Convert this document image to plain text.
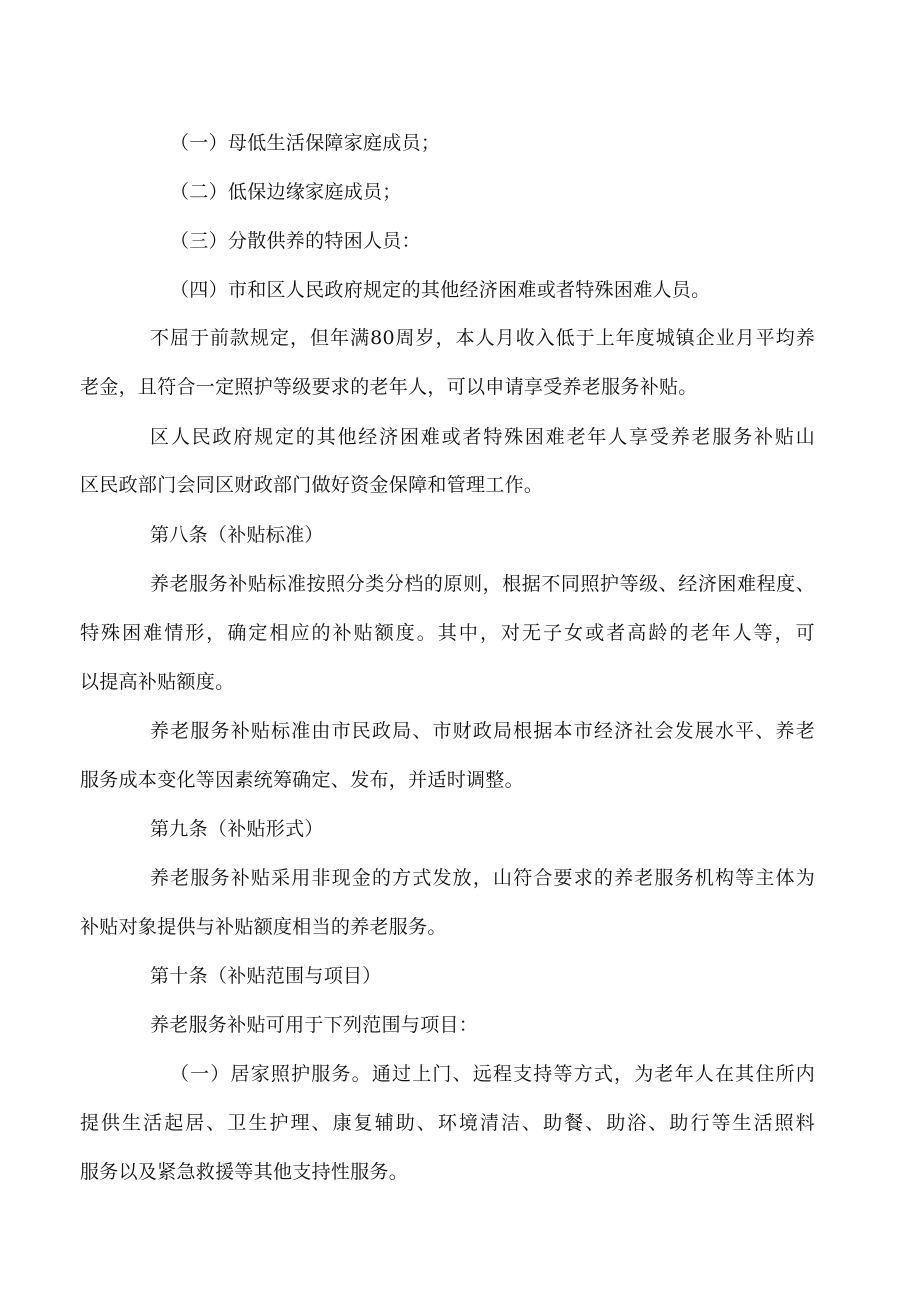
（一）母低生活保障家庭成员；
（二）低保边缘家庭成员；
（三）分散供养的特困人员：
（四）市和区人民政府规定的其他经济困难或者特殊困难人员。
不屈于前款规定，但年满80周岁，本人月收入低于上年度城镇企业月平均养
老金，且符合一定照护等级要求的老年人，可以申请享受养老服务补贴。
区人民政府规定的其他经济困难或者特殊困难老年人享受养老服务补贴山
区民政部门会同区财政部门做好资金保障和管理工作。
第八条（补贴标准）
养老服务补贴标准按照分类分档的原则，根据不同照护等级、经济困难程度、
特殊困难情形，确定相应的补贴额度。其中，对无子女或者高龄的老年人等，可
以提高补贴额度。
养老服务补贴标准由市民政局、市财政局根据本市经济社会发展水平、养老
服务成本变化等因素统筹确定、发布，并适时调整。
第九条（补贴形式）
养老服务补贴采用非现金的方式发放，山符合要求的养老服务机构等主体为
补贴对象提供与补贴额度相当的养老服务。
第十条（补贴范围与项目）
养老服务补贴可用于下列范围与项目：
（一）居家照护服务。通过上门、远程支持等方式，为老年人在其住所内
提供生活起居、卫生护理、康复辅助、环境清洁、助餐、助浴、助行等生活照料
服务以及紧急救援等其他支持性服务。
